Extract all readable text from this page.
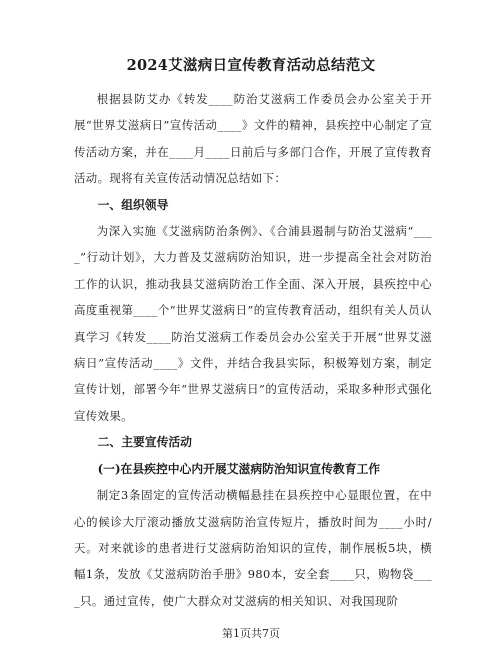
2024艾滋病日宣传教育活动总结范文

根据县防艾办《转发____防治艾滋病工作委员会办公室关于开展“世界艾滋病日”宣传活动____》文件的精神，县疾控中心制定了宣传活动方案，并在____月____日前后与多部门合作，开展了宣传教育活动。现将有关宣传活动情况总结如下：

一、组织领导

为深入实施《艾滋病防治条例》、《合浦县遏制与防治艾滋病“____”行动计划》，大力普及艾滋病防治知识，进一步提高全社会对防治工作的认识，推动我县艾滋病防治工作全面、深入开展，县疾控中心高度重视第____个“世界艾滋病日”的宣传教育活动，组织有关人员认真学习《转发____防治艾滋病工作委员会办公室关于开展“世界艾滋病日”宣传活动____》文件，并结合我县实际，积极筹划方案，制定宣传计划，部署今年“世界艾滋病日”的宣传活动，采取多种形式强化宣传效果。

二、主要宣传活动

(一)在县疾控中心内开展艾滋病防治知识宣传教育工作

制定3条固定的宣传活动横幅悬挂在县疾控中心显眼位置，在中心的候诊大厅滚动播放艾滋病防治宣传短片，播放时间为____小时/天。对来就诊的患者进行艾滋病防治知识的宣传，制作展板5块，横幅1条，发放《艾滋病防治手册》980本，安全套____只，购物袋____只。通过宣传，使广大群众对艾滋病的相关知识、对我国现阶

第1页共7页
